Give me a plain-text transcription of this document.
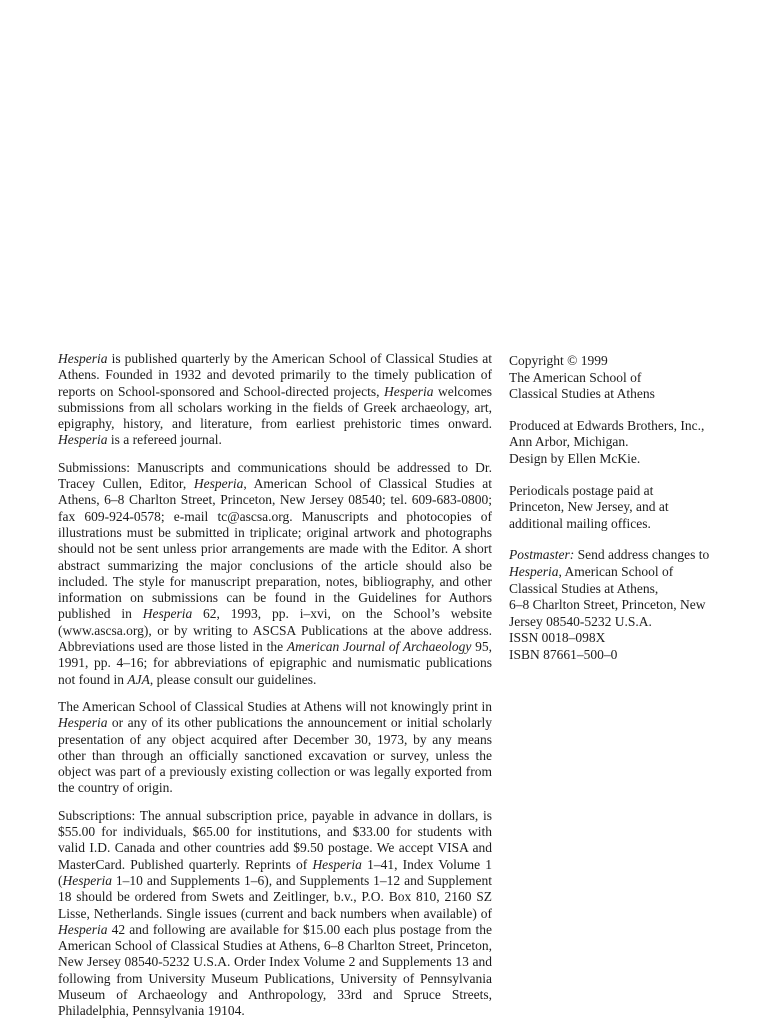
Hesperia is published quarterly by the American School of Classical Studies at Athens. Founded in 1932 and devoted primarily to the timely publication of reports on School-sponsored and School-directed projects, Hesperia welcomes submissions from all scholars working in the fields of Greek archaeology, art, epigraphy, history, and literature, from earliest prehistoric times onward. Hesperia is a refereed journal.

Submissions: Manuscripts and communications should be addressed to Dr. Tracey Cullen, Editor, Hesperia, American School of Classical Studies at Athens, 6–8 Charlton Street, Princeton, New Jersey 08540; tel. 609-683-0800; fax 609-924-0578; e-mail tc@ascsa.org. Manuscripts and photocopies of illustrations must be submitted in triplicate; original artwork and photographs should not be sent unless prior arrangements are made with the Editor. A short abstract summarizing the major conclusions of the article should also be included. The style for manuscript preparation, notes, bibliography, and other information on submissions can be found in the Guidelines for Authors published in Hesperia 62, 1993, pp. i–xvi, on the School’s website (www.ascsa.org), or by writing to ASCSA Publications at the above address. Abbreviations used are those listed in the American Journal of Archaeology 95, 1991, pp. 4–16; for abbreviations of epigraphic and numismatic publications not found in AJA, please consult our guidelines.

The American School of Classical Studies at Athens will not knowingly print in Hesperia or any of its other publications the announcement or initial scholarly presentation of any object acquired after December 30, 1973, by any means other than through an officially sanctioned excavation or survey, unless the object was part of a previously existing collection or was legally exported from the country of origin.

Subscriptions: The annual subscription price, payable in advance in dollars, is $55.00 for individuals, $65.00 for institutions, and $33.00 for students with valid I.D. Canada and other countries add $9.50 postage. We accept VISA and MasterCard. Published quarterly. Reprints of Hesperia 1–41, Index Volume 1 (Hesperia 1–10 and Supplements 1–6), and Supplements 1–12 and Supplement 18 should be ordered from Swets and Zeitlinger, b.v., P.O. Box 810, 2160 SZ Lisse, Netherlands. Single issues (current and back numbers when available) of Hesperia 42 and following are available for $15.00 each plus postage from the American School of Classical Studies at Athens, 6–8 Charlton Street, Princeton, New Jersey 08540-5232 U.S.A. Order Index Volume 2 and Supplements 13 and following from University Museum Publications, University of Pennsylvania Museum of Archaeology and Anthropology, 33rd and Spruce Streets, Philadelphia, Pennsylvania 19104.

Copyright © 1999
The American School of
Classical Studies at Athens
Produced at Edwards Brothers, Inc.,
Ann Arbor, Michigan.
Design by Ellen McKie.
Periodicals postage paid at
Princeton, New Jersey, and at
additional mailing offices.
Postmaster: Send address changes to
Hesperia, American School of
Classical Studies at Athens,
6–8 Charlton Street, Princeton, New
Jersey 08540-5232 U.S.A.
ISSN 0018–098X
ISBN 87661–500–0
